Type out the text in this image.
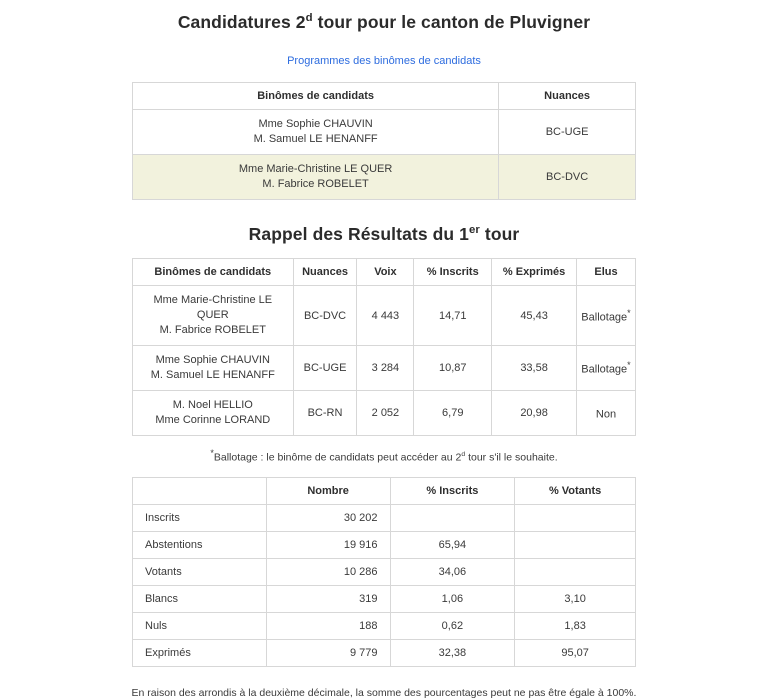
Candidatures 2$^d$ tour pour le canton de Pluvigner
Programmes des binômes de candidats
Binômes de candidats	Nuances

Mme Sophie CHAUVIN
M. Samuel LE HENANFF	BC-UGE

Mme Marie-Christine LE QUER
M. Fabrice ROBELET	BC-DVC
Rappel des Résultats du 1er tour
Binômes de candidats	Nuances	Voix	% Inscrits	% Exprimés	Elus

Mme Marie-Christine LE QUER
M. Fabrice ROBELET	BC-DVC	4 443	14,71	45,43	Ballotage*

Mme Sophie CHAUVIN
M. Samuel LE HENANFF	BC-UGE	3 284	10,87	33,58	Ballotage*

M. Noel HELLIO
Mme Corinne LORAND	BC-RN	2 052	6,79	20,98	Non
*Ballotage : le binôme de candidats peut accéder au 2$^d$ tour s'il le souhaite.
	Nombre	% Inscrits	% Votants
Inscrits	30 202		
Abstentions	19 916	65,94	
Votants	10 286	34,06	
Blancs	319	1,06	3,10
Nuls	188	0,62	1,83
Exprimés	9 779	32,38	95,07
En raison des arrondis à la deuxième décimale, la somme des pourcentages peut ne pas être égale à 100%.
